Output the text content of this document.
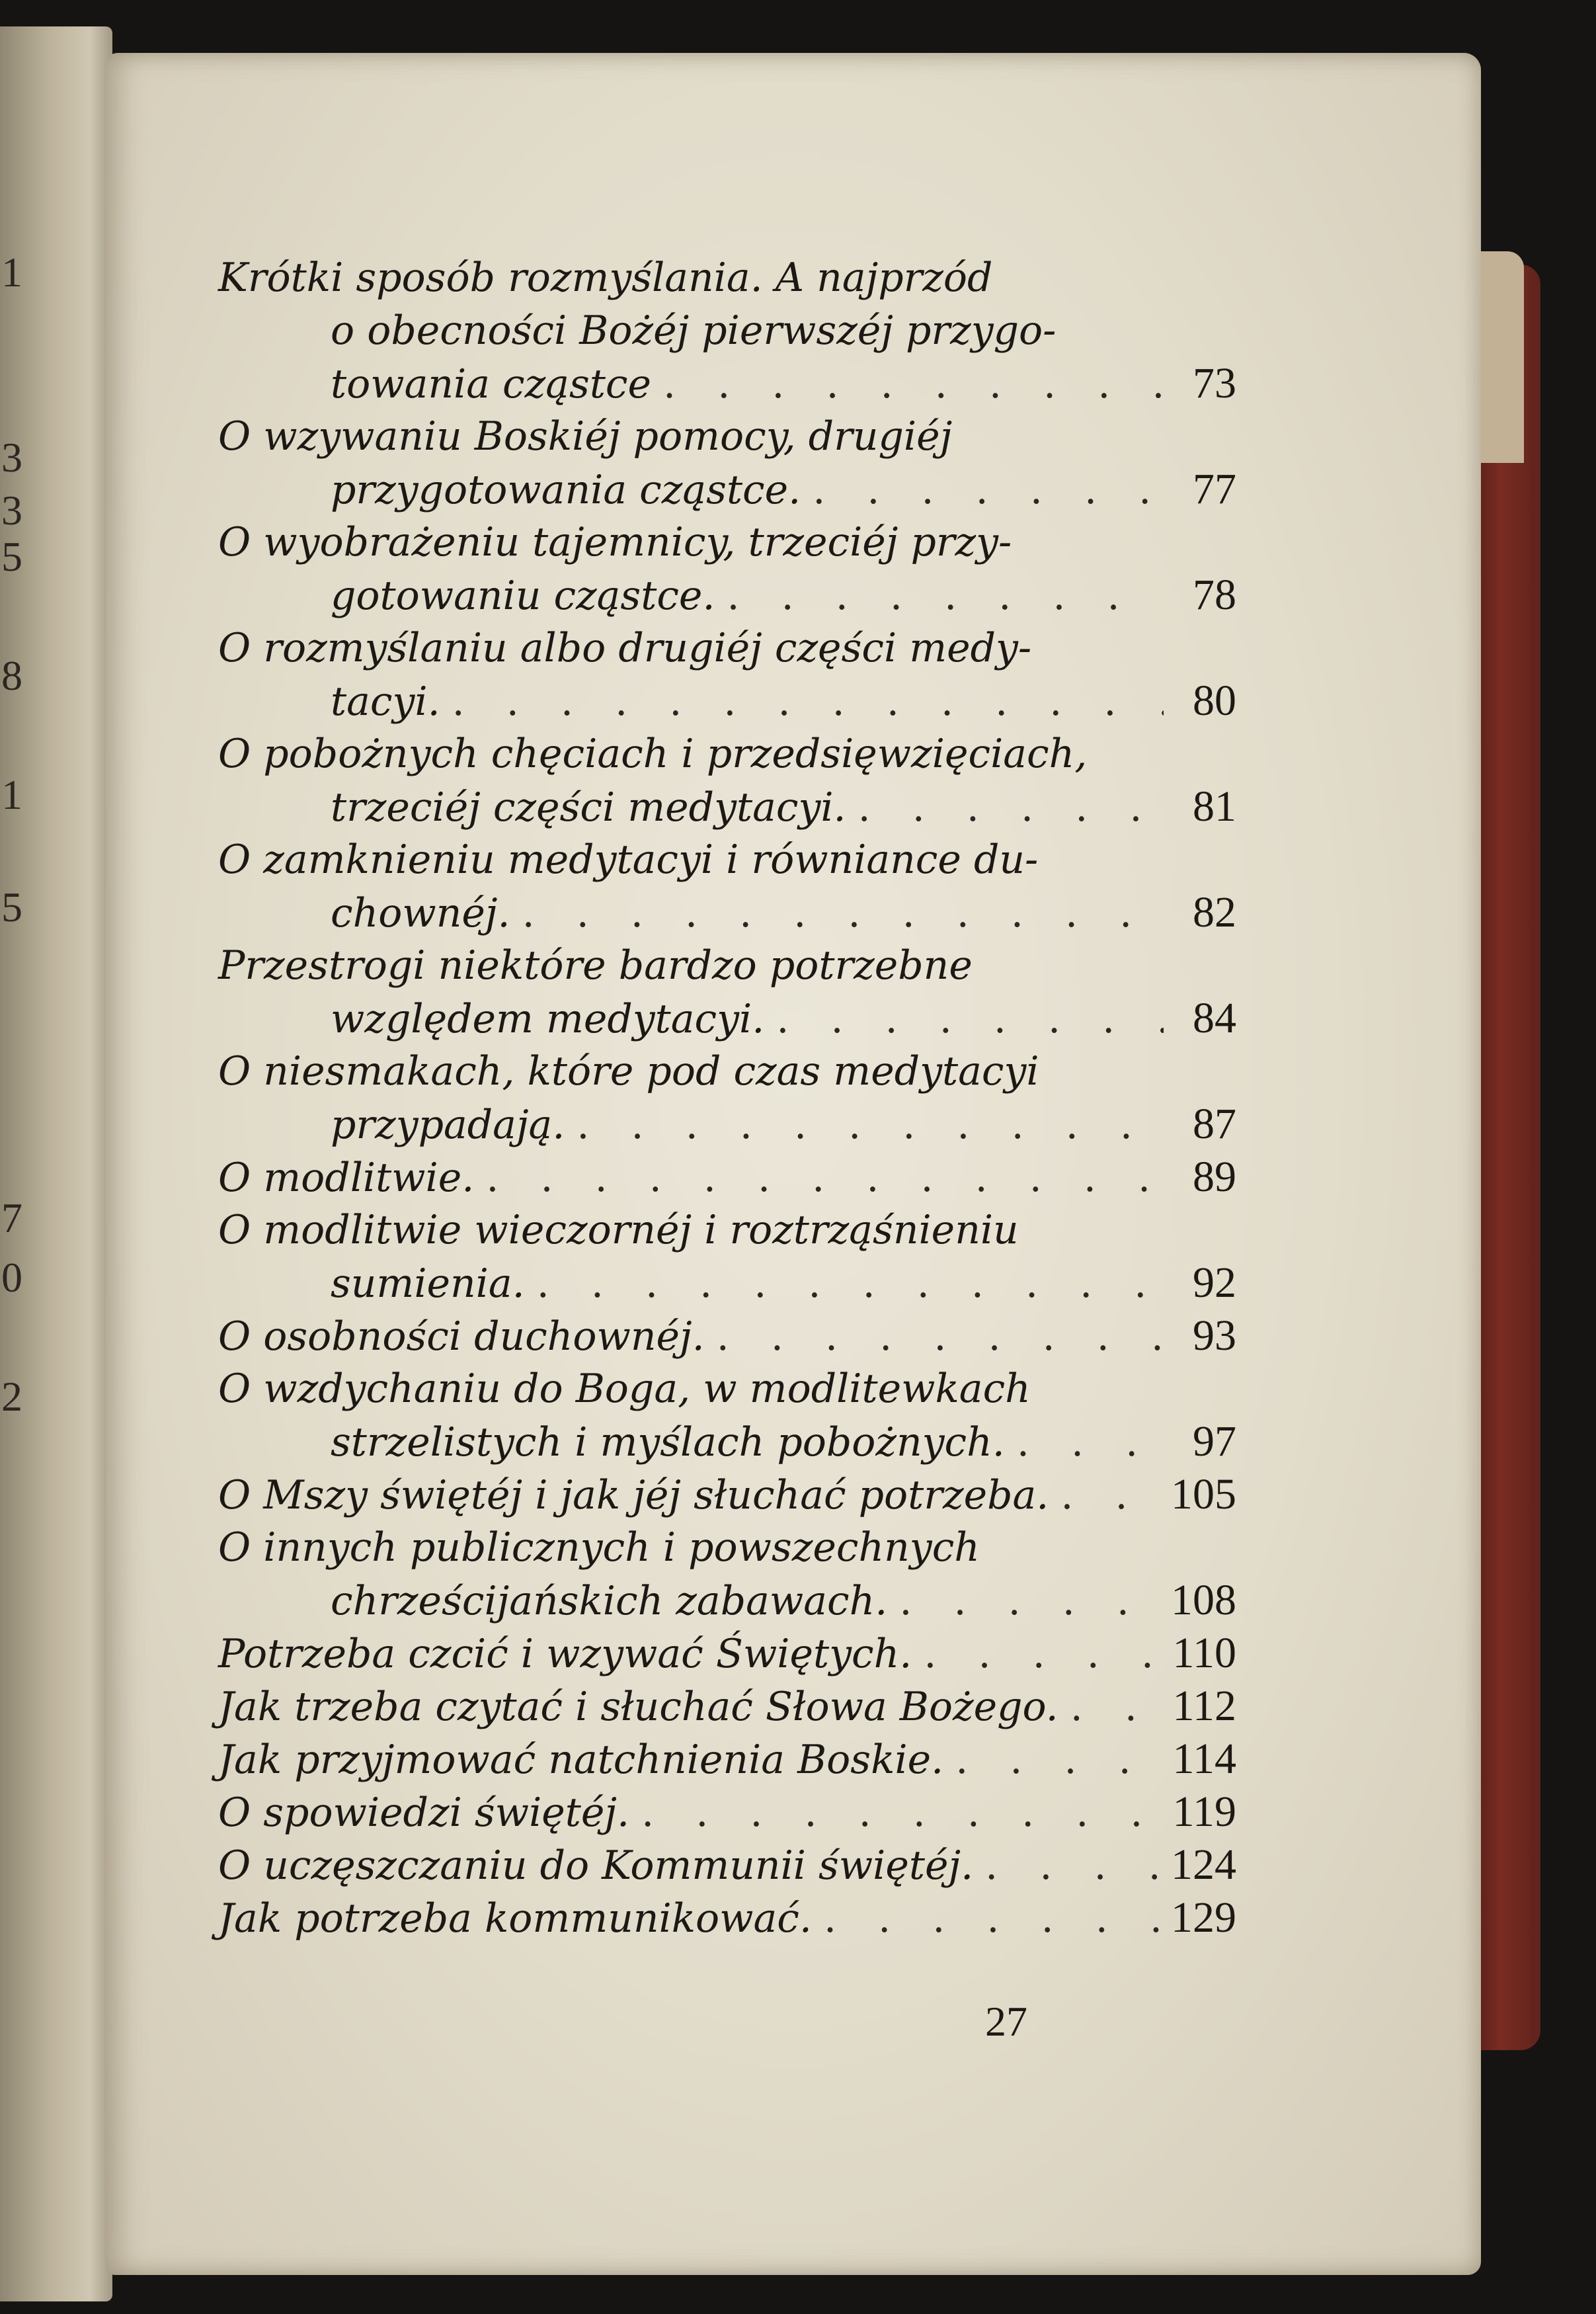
1
3
3
5
8
1
5
7
0
2
Krótki sposób rozmyślania. A najprzód
o obecności Bożéj pierwszéj przygo-
towania cząstce . . .	73
O wzywaniu Boskiéj pomocy, drugiéj
przygotowania cząstce. . . .	77
O wyobrażeniu tajemnicy, trzeciéj przy-
gotowaniu cząstce. . . .	78
O rozmyślaniu albo drugiéj części medy-
tacyi. . . .	80
O pobożnych chęciach i przedsięwzięciach,
trzeciéj części medytacyi. . . .	81
O zamknieniu medytacyi i równiance du-
chownéj. . . .	82
Przestrogi niektóre bardzo potrzebne
względem medytacyi. . . .	84
O niesmakach, które pod czas medytacyi
przypadają. . . .	87
O modlitwie. . . .	89
O modlitwie wieczornéj i roztrząśnieniu
sumienia. . . .	92
O osobności duchownéj. . . .	93
O wzdychaniu do Boga, w modlitewkach
strzelistych i myślach pobożnych. . . .	97
O Mszy świętéj i jak jéj słuchać potrzeba. . . .	105
O innych publicznych i powszechnych
chrześcijańskich zabawach. . . .	108
Potrzeba czcić i wzywać Świętych. . . .	110
Jak trzeba czytać i słuchać Słowa Bożego. . . .	112
Jak przyjmować natchnienia Boskie. . . .	114
O spowiedzi świętéj. . . .	119
O uczęszczaniu do Kommunii świętéj. . . .	124
Jak potrzeba kommunikować. . . .	129
27
